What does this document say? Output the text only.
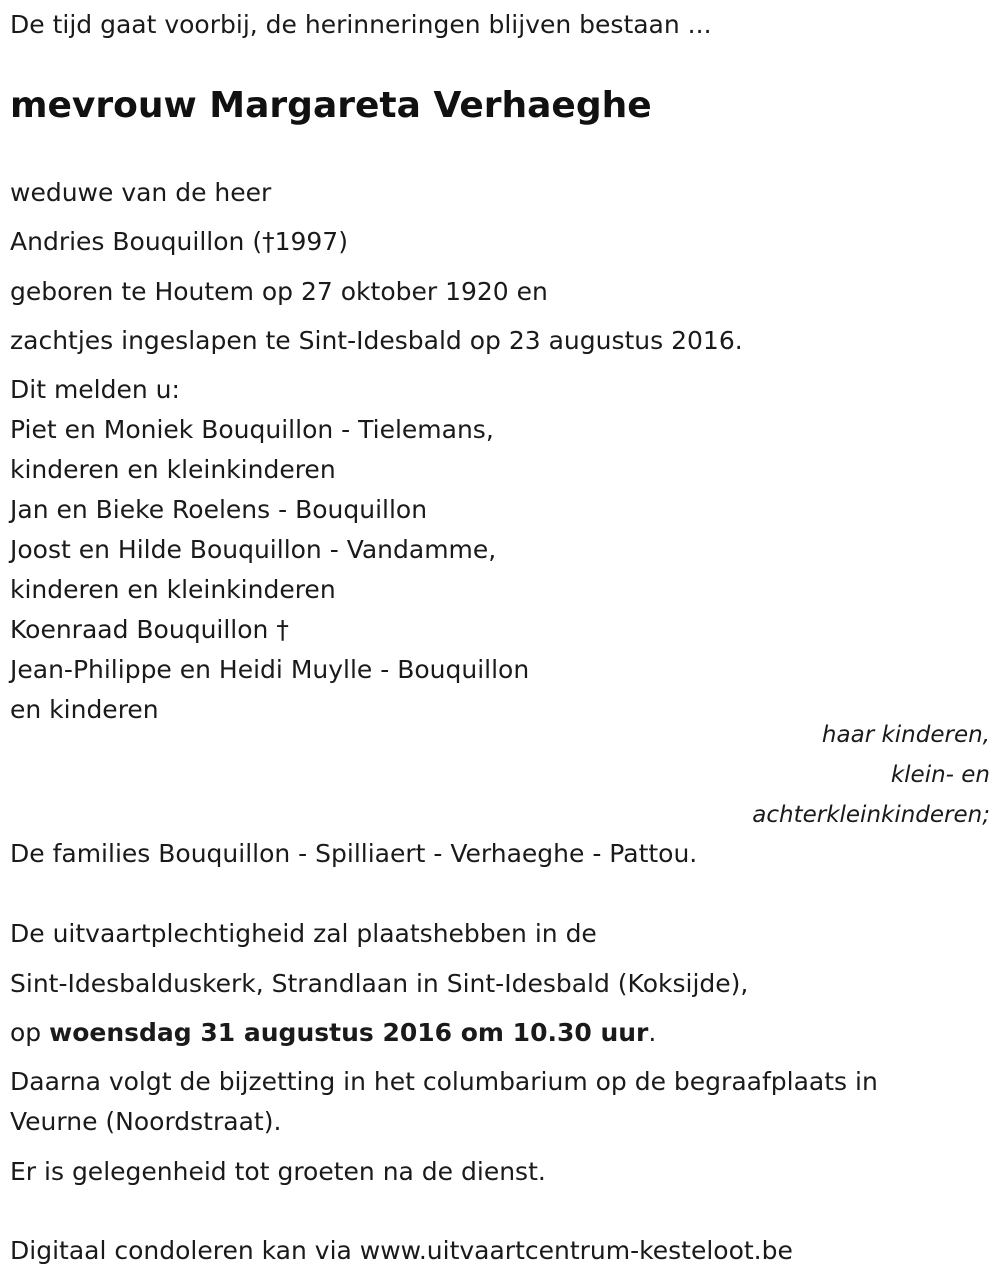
De tijd gaat voorbij, de herinneringen blijven bestaan ...

mevrouw Margareta Verhaeghe

weduwe van de heer

Andries Bouquillon (†1997)

geboren te Houtem op 27 oktober 1920 en

zachtjes ingeslapen te Sint-Idesbald op 23 augustus 2016.

Dit melden u:

Piet en Moniek Bouquillon - Tielemans,

kinderen en kleinkinderen

Jan en Bieke Roelens - Bouquillon

Joost en Hilde Bouquillon - Vandamme,

kinderen en kleinkinderen

Koenraad Bouquillon †

Jean-Philippe en Heidi Muylle - Bouquillon

en kinderen

haar kinderen,
klein- en
achterkleinkinderen;

De families Bouquillon - Spilliaert - Verhaeghe - Pattou.

De uitvaartplechtigheid zal plaatshebben in de

Sint-Idesbalduskerk, Strandlaan in Sint-Idesbald (Koksijde),

op woensdag 31 augustus 2016 om 10.30 uur.

Daarna volgt de bijzetting in het columbarium op de begraafplaats in

Veurne (Noordstraat).

Er is gelegenheid tot groeten na de dienst.

Digitaal condoleren kan via www.uitvaartcentrum-kesteloot.be
